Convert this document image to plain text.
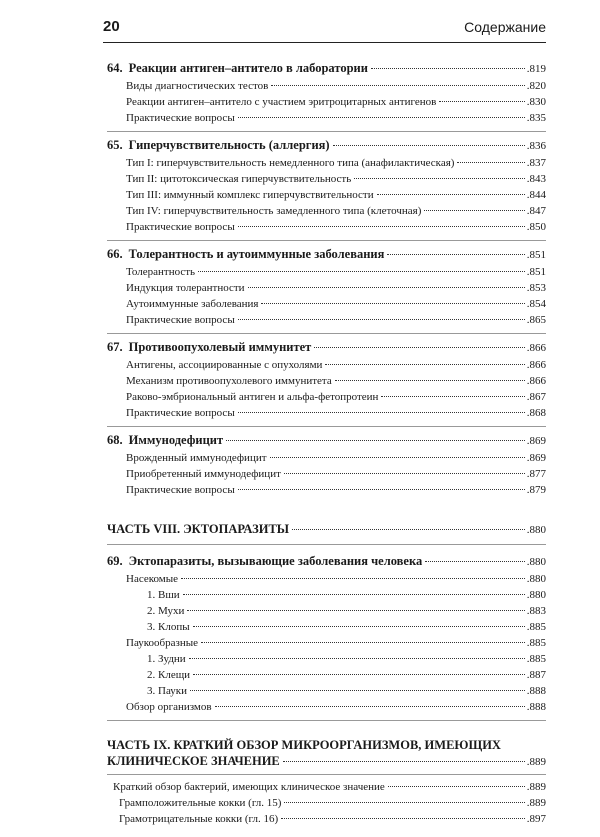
20	Содержание
64. Реакции антиген–антитело в лаборатории	.819
Виды диагностических тестов	.820
Реакции антиген–антитело с участием эритроцитарных антигенов	.830
Практические вопросы	.835
65. Гиперчувствительность (аллергия)	.836
Тип I: гиперчувствительность немедленного типа (анафилактическая)	.837
Тип II: цитотоксическая гиперчувствительность	.843
Тип III: иммунный комплекс гиперчувствительности	.844
Тип IV: гиперчувствительность замедленного типа (клеточная)	.847
Практические вопросы	.850
66. Толерантность и аутоиммунные заболевания	.851
Толерантность	.851
Индукция толерантности	.853
Аутоиммунные заболевания	.854
Практические вопросы	.865
67. Противоопухолевый иммунитет	.866
Антигены, ассоциированные с опухолями	.866
Механизм противоопухолевого иммунитета	.866
Раково-эмбриональный антиген и альфа-фетопротеин	.867
Практические вопросы	.868
68. Иммунодефицит	.869
Врожденный иммунодефицит	.869
Приобретенный иммунодефицит	.877
Практические вопросы	.879
ЧАСТЬ VIII. ЭКТОПАРАЗИТЫ	.880
69. Эктопаразиты, вызывающие заболевания человека	.880
Насекомые	.880
1. Вши	.880
2. Мухи	.883
3. Клопы	.885
Паукообразные	.885
1. Зудни	.885
2. Клещи	.887
3. Пауки	.888
Обзор организмов	.888
ЧАСТЬ IX. КРАТКИЙ ОБЗОР МИКРООРГАНИЗМОВ, ИМЕЮЩИХ
КЛИНИЧЕСКОЕ ЗНАЧЕНИЕ	.889
Краткий обзор бактерий, имеющих клиническое значение	.889
Грамположительные кокки (гл. 15)	.889
Грамотрицательные кокки (гл. 16)	.897
